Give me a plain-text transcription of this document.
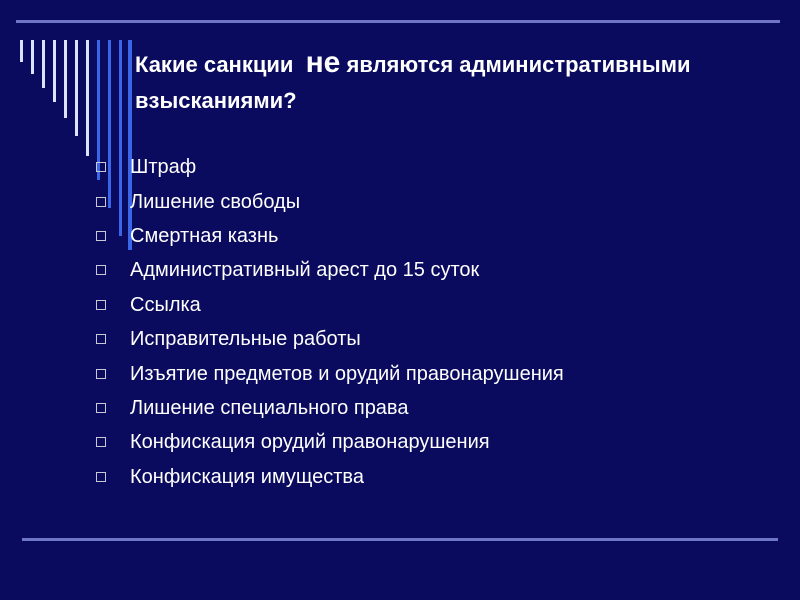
Какие санкции не являются административными взысканиями?
Штраф
Лишение свободы
Смертная казнь
Административный арест до 15 суток
Ссылка
Исправительные работы
Изъятие предметов и орудий правонарушения
Лишение специального права
Конфискация орудий правонарушения
Конфискация имущества
